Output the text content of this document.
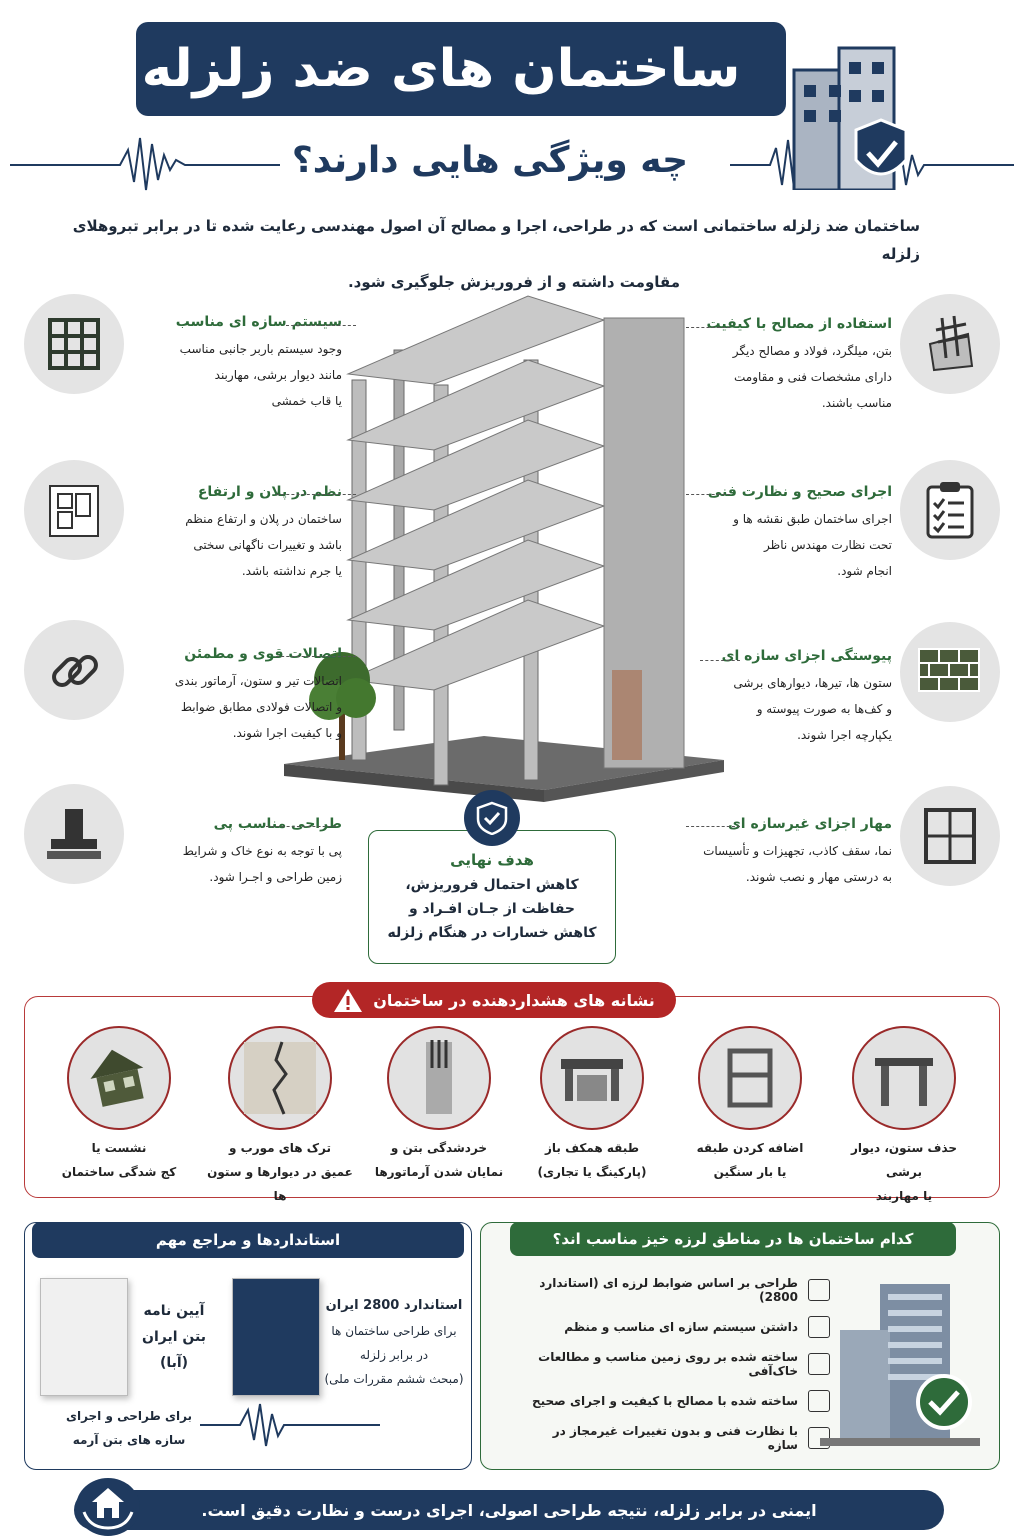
ساختمان های ضد زلزله
چه ویژگی هایی دارند؟
ساختمان ضد زلزله ساختمانی است که در طراحی، اجرا و مصالح آن اصول مهندسی رعایت شده تا در برابر تبروهلای زلزله
مقاومت داشته و از فروریزش جلوگیری شود.
سیستم سازه ای مناسب
وجود سیستم باربر جانبی مناسب
مانند دیوار برشی، مهاربند
یا قاب خمشی
نظم در پلان و ارتفاع
ساختمان در پلان و ارتفاع منظم
باشد و تغییرات ناگهانی سختی
یا جرم نداشته باشد.
اتصالات قوی و مطمئن
اتصالات تیر و ستون، آرماتور بندی
و اتصالات فولادی مطابق ضوابط
و با کیفیت اجرا شوند.
طراحی مناسب پی
پی با توجه به نوع خاک و شرایط
زمین طراحی و اجـرا شود.
استفاده از مصالح با کیفیت
بتن، میلگرد، فولاد و مصالح دیگر
دارای مشخصات فنی و مقاومت
مناسب باشند.
اجرای صحیح و نظارت فنی
اجرای ساختمان طبق نقشه ها و
تحت نظارت مهندس ناظر
انجام شود.
پیوستگی اجزای سازه ای
ستون ها، تیرها، دیوارهای برشی
و کف‌ها به صورت پیوسته و
یکپارچه اجرا شوند.
مهار اجزای غیرسازه ای
نما، سقف کاذب، تجهیزات و تأسیسات
به درستی مهار و نصب شوند.
هدف نهایی
کاهش احتمال فروریزش،
حفاظت از جـان افـراد و
کاهش خسارات در هنگام زلزله
نشانه های هشداردهنده در ساختمان
حذف ستون، دیوار برشی
یا مهاربند
اضافه کردن طبقه
یا بار سنگین
طبقه همکف باز
(پارکینگ یا تجاری)
خردشدگی بتن و
نمایان شدن آرماتورها
ترک های مورب و
عمیق در دیوارها و ستون ها
نشست یا
کج شدگی ساختمان
استانداردها و مراجع مهم
استاندارد 2800 ایران
برای طراحی ساختمان ها
در برابر زلزله
(مبحث ششم مقررات ملی)
آیین نامه
بتن ایران
(آبا)
برای طراحی و اجرای
سازه های بتن آرمه
کدام ساختمان ها در مناطق لرزه خیز مناسب اند؟
طراحی بر اساس ضوابط لرزه ای (استاندارد 2800)
داشتن سیستم سازه ای مناسب و منظم
ساخته شده بر روی زمین مناسب و مطالعات خاک‌آفی
ساخته شده با مصالح با کیفیت و اجرای صحیح
با نظارت فنی و بدون تغییرات غیرمجاز در سازه
ایمنی در برابر زلزله، نتیجه طراحی اصولی، اجرای درست و نظارت دقیق است.
